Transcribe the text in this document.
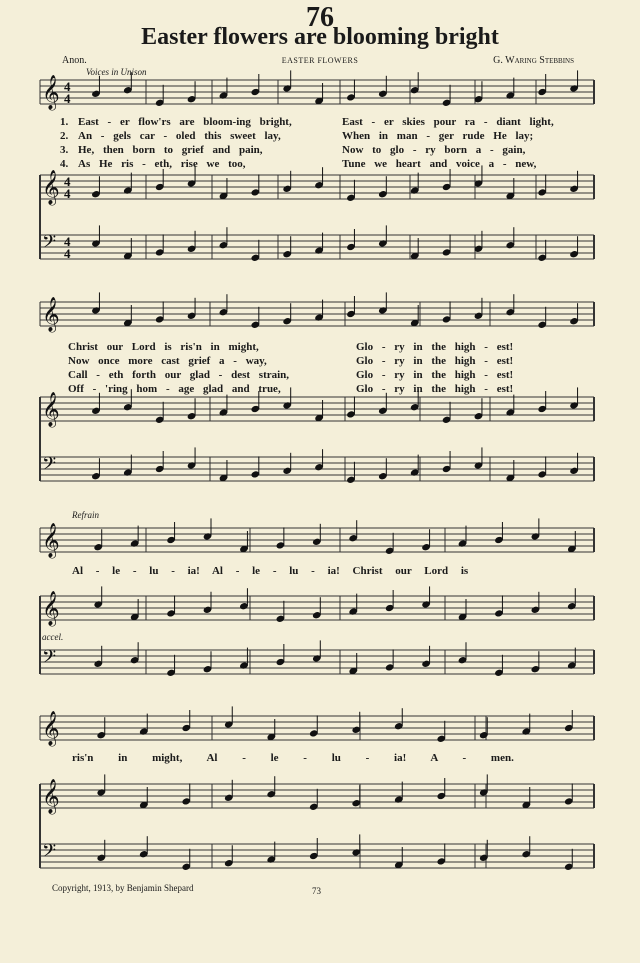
76
Easter flowers are blooming bright
Anon.	EASTER FLOWERS	G. Waring Stebbins
Voices in Unison
𝄞 4
4
𝄞 4
4
𝄢 4
4
𝄞
𝄞
𝄢
𝄞
𝄞
𝄢
𝄞
𝄞
𝄢
1. East - er flow'rs are bloom-ing bright,	East - er skies pour ra - diant light,
2. An - gels car - oled this sweet lay,	When in man - ger rude He lay;
3. He, then born to grief and pain,	Now to glo - ry born a - gain,
4. As He ris - eth, rise we too,	Tune we heart and voice a - new,
Christ our Lord is ris'n in might,	Glo - ry in the high - est!
Now once more cast grief a - way,	Glo - ry in the high - est!
Call - eth forth our glad - dest strain,	Glo - ry in the high - est!
Off - 'ring hom - age glad and true,	Glo - ry in the high - est!
Refrain
Al - le - lu - ia! Al - le - lu - ia! Christ our Lord is
accel.
ris'n in might, Al - le - lu - ia! A - men.
Copyright, 1913, by Benjamin Shepard	73
